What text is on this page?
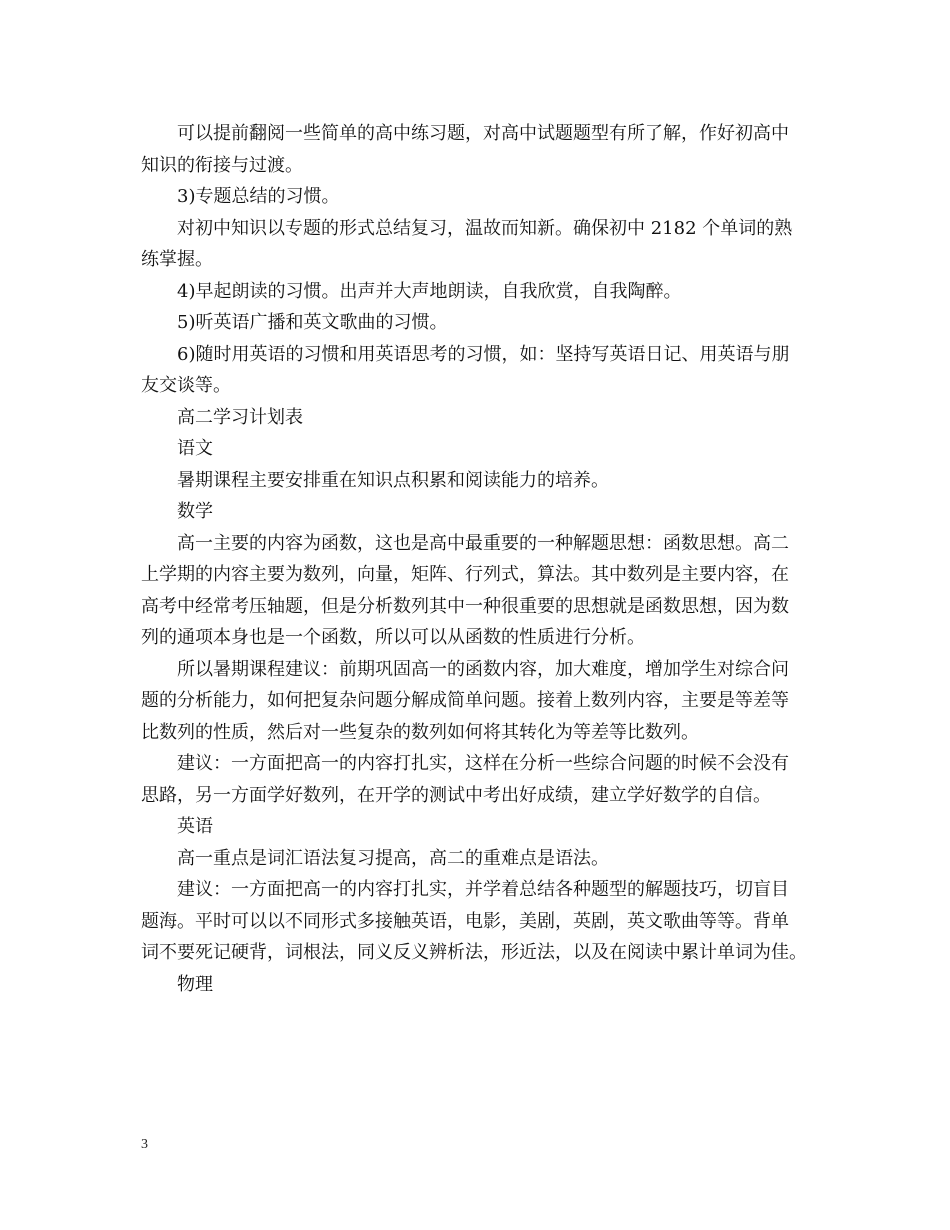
可以提前翻阅一些简单的高中练习题，对高中试题题型有所了解，作好初高中
知识的衔接与过渡。
3)专题总结的习惯。
对初中知识以专题的形式总结复习，温故而知新。确保初中 2182 个单词的熟
练掌握。
4)早起朗读的习惯。出声并大声地朗读，自我欣赏，自我陶醉。
5)听英语广播和英文歌曲的习惯。
6)随时用英语的习惯和用英语思考的习惯，如：坚持写英语日记、用英语与朋
友交谈等。
高二学习计划表
语文
暑期课程主要安排重在知识点积累和阅读能力的培养。
数学
高一主要的内容为函数，这也是高中最重要的一种解题思想：函数思想。高二
上学期的内容主要为数列，向量，矩阵、行列式，算法。其中数列是主要内容，在
高考中经常考压轴题，但是分析数列其中一种很重要的思想就是函数思想，因为数
列的通项本身也是一个函数，所以可以从函数的性质进行分析。
所以暑期课程建议：前期巩固高一的函数内容，加大难度，增加学生对综合问
题的分析能力，如何把复杂问题分解成简单问题。接着上数列内容，主要是等差等
比数列的性质，然后对一些复杂的数列如何将其转化为等差等比数列。
建议：一方面把高一的内容打扎实，这样在分析一些综合问题的时候不会没有
思路，另一方面学好数列，在开学的测试中考出好成绩，建立学好数学的自信。
英语
高一重点是词汇语法复习提高，高二的重难点是语法。
建议：一方面把高一的内容打扎实，并学着总结各种题型的解题技巧，切盲目
题海。平时可以以不同形式多接触英语，电影，美剧，英剧，英文歌曲等等。背单
词不要死记硬背，词根法，同义反义辨析法，形近法，以及在阅读中累计单词为佳。
物理
3
